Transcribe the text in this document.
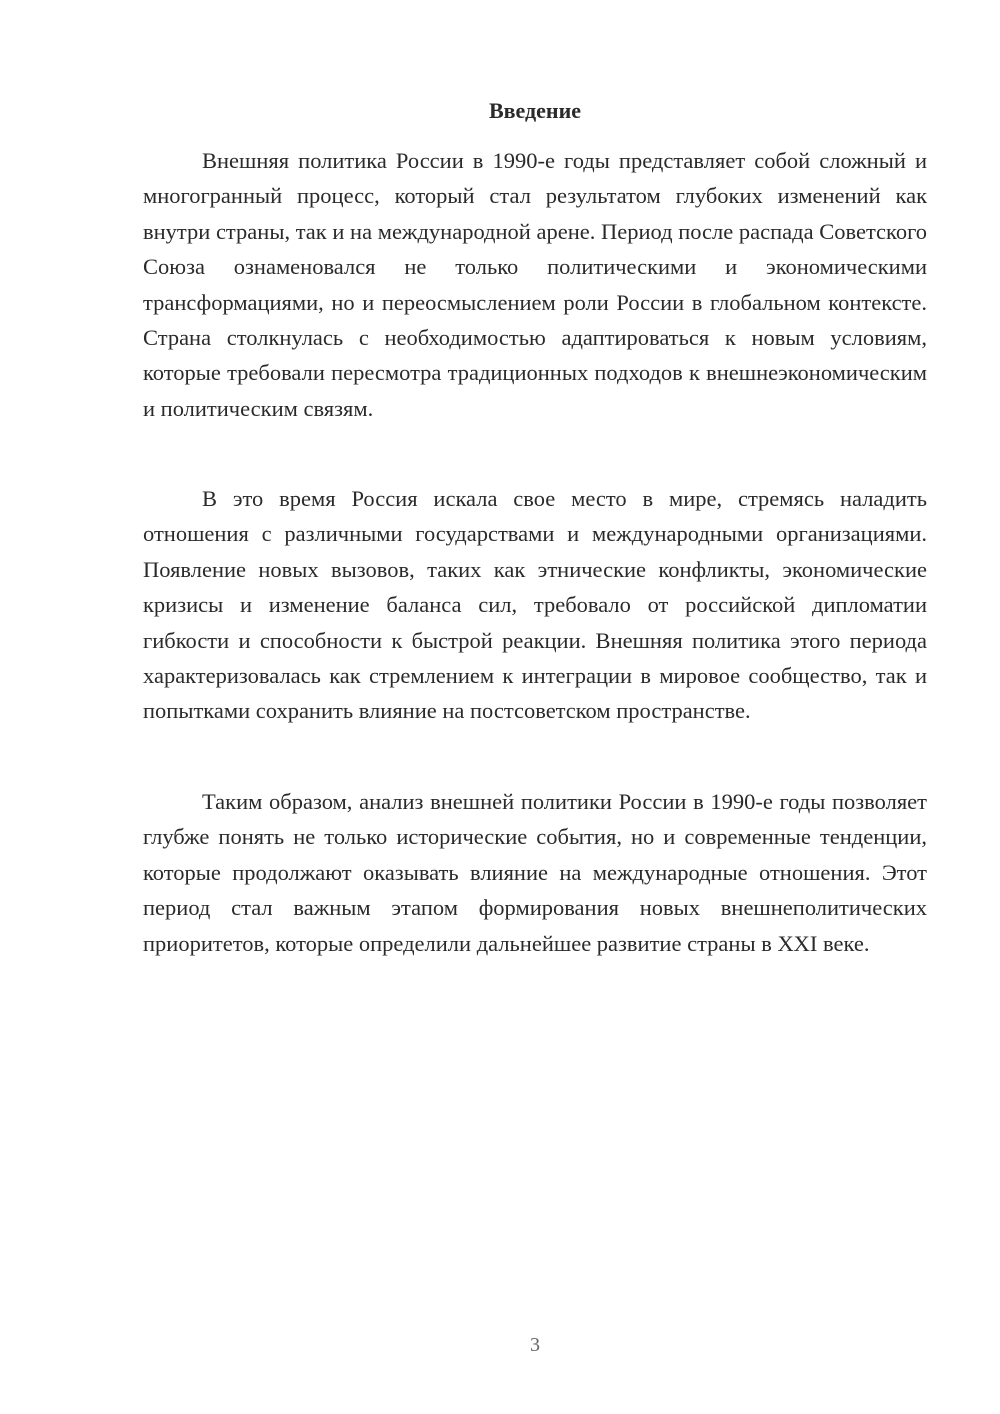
Введение

Внешняя политика России в 1990-е годы представляет собой сложный и многогранный процесс, который стал результатом глубоких изменений как внутри страны, так и на международной арене. Период после распада Советского Союза ознаменовался не только политическими и экономическими трансформациями, но и переосмыслением роли России в глобальном контексте. Страна столкнулась с необходимостью адаптироваться к новым условиям, которые требовали пересмотра традиционных подходов к внешнеэкономическим и политическим связям.

В это время Россия искала свое место в мире, стремясь наладить отношения с различными государствами и международными организациями. Появление новых вызовов, таких как этнические конфликты, экономические кризисы и изменение баланса сил, требовало от российской дипломатии гибкости и способности к быстрой реакции. Внешняя политика этого периода характеризовалась как стремлением к интеграции в мировое сообщество, так и попытками сохранить влияние на постсоветском пространстве.

Таким образом, анализ внешней политики России в 1990-е годы позволяет глубже понять не только исторические события, но и современные тенденции, которые продолжают оказывать влияние на международные отношения. Этот период стал важным этапом формирования новых внешнеполитических приоритетов, которые определили дальнейшее развитие страны в XXI веке.

3
